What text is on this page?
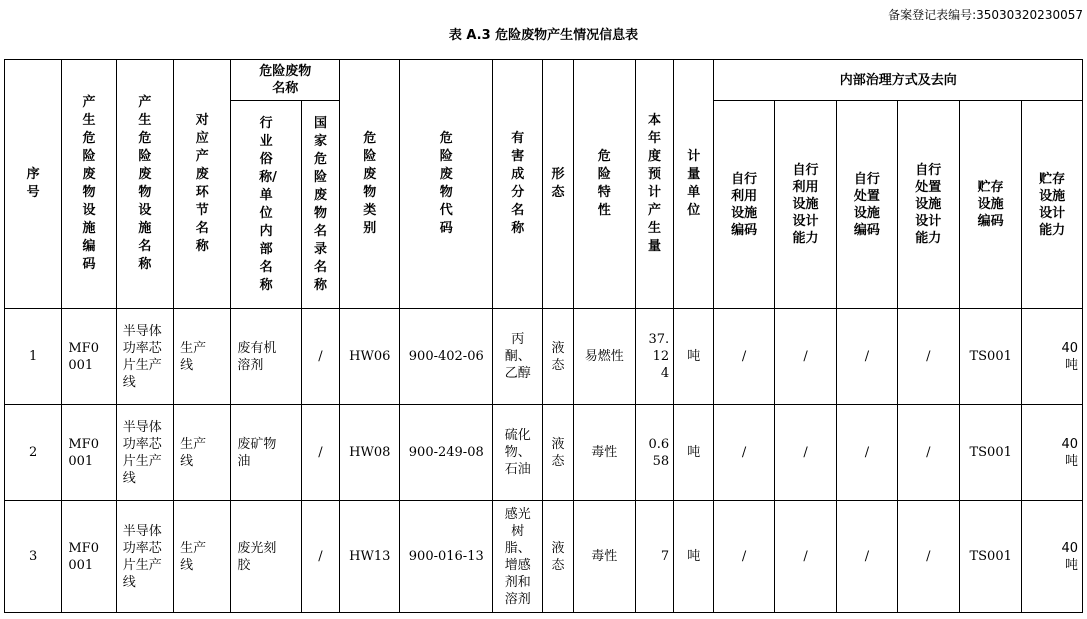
备案登记表编号:35030320230057
表 A.3 危险废物产生情况信息表
序号	产生危险废物设施编码	产生危险废物设施名称	对应产废环节名称	危险废物名称		危险废物类别	危险废物代码	有害成分名称	形态	危险特性	本年度预计产生量	计量单位	内部治理方式及去向					
				行业俗称/单位内部名称	国家危险废物名录名称								自行利用设施编码	自行利用设施设计能力	自行处置设施编码	自行处置设施设计能力	贮存设施编码	贮存设施设计能力
1	MF0001	半导体功率芯片生产线	生产线	废有机溶剂	/	HW06	900-402-06	丙酮、乙醇	液态	易燃性	37.124	吨	/	/	/	/	TS001	40吨
2	MF0001	半导体功率芯片生产线	生产线	废矿物油	/	HW08	900-249-08	硫化物、石油	液态	毒性	0.658	吨	/	/	/	/	TS001	40吨
3	MF0001	半导体功率芯片生产线	生产线	废光刻胶	/	HW13	900-016-13	感光树脂、增感剂和溶剂	液态	毒性	7	吨	/	/	/	/	TS001	40吨
